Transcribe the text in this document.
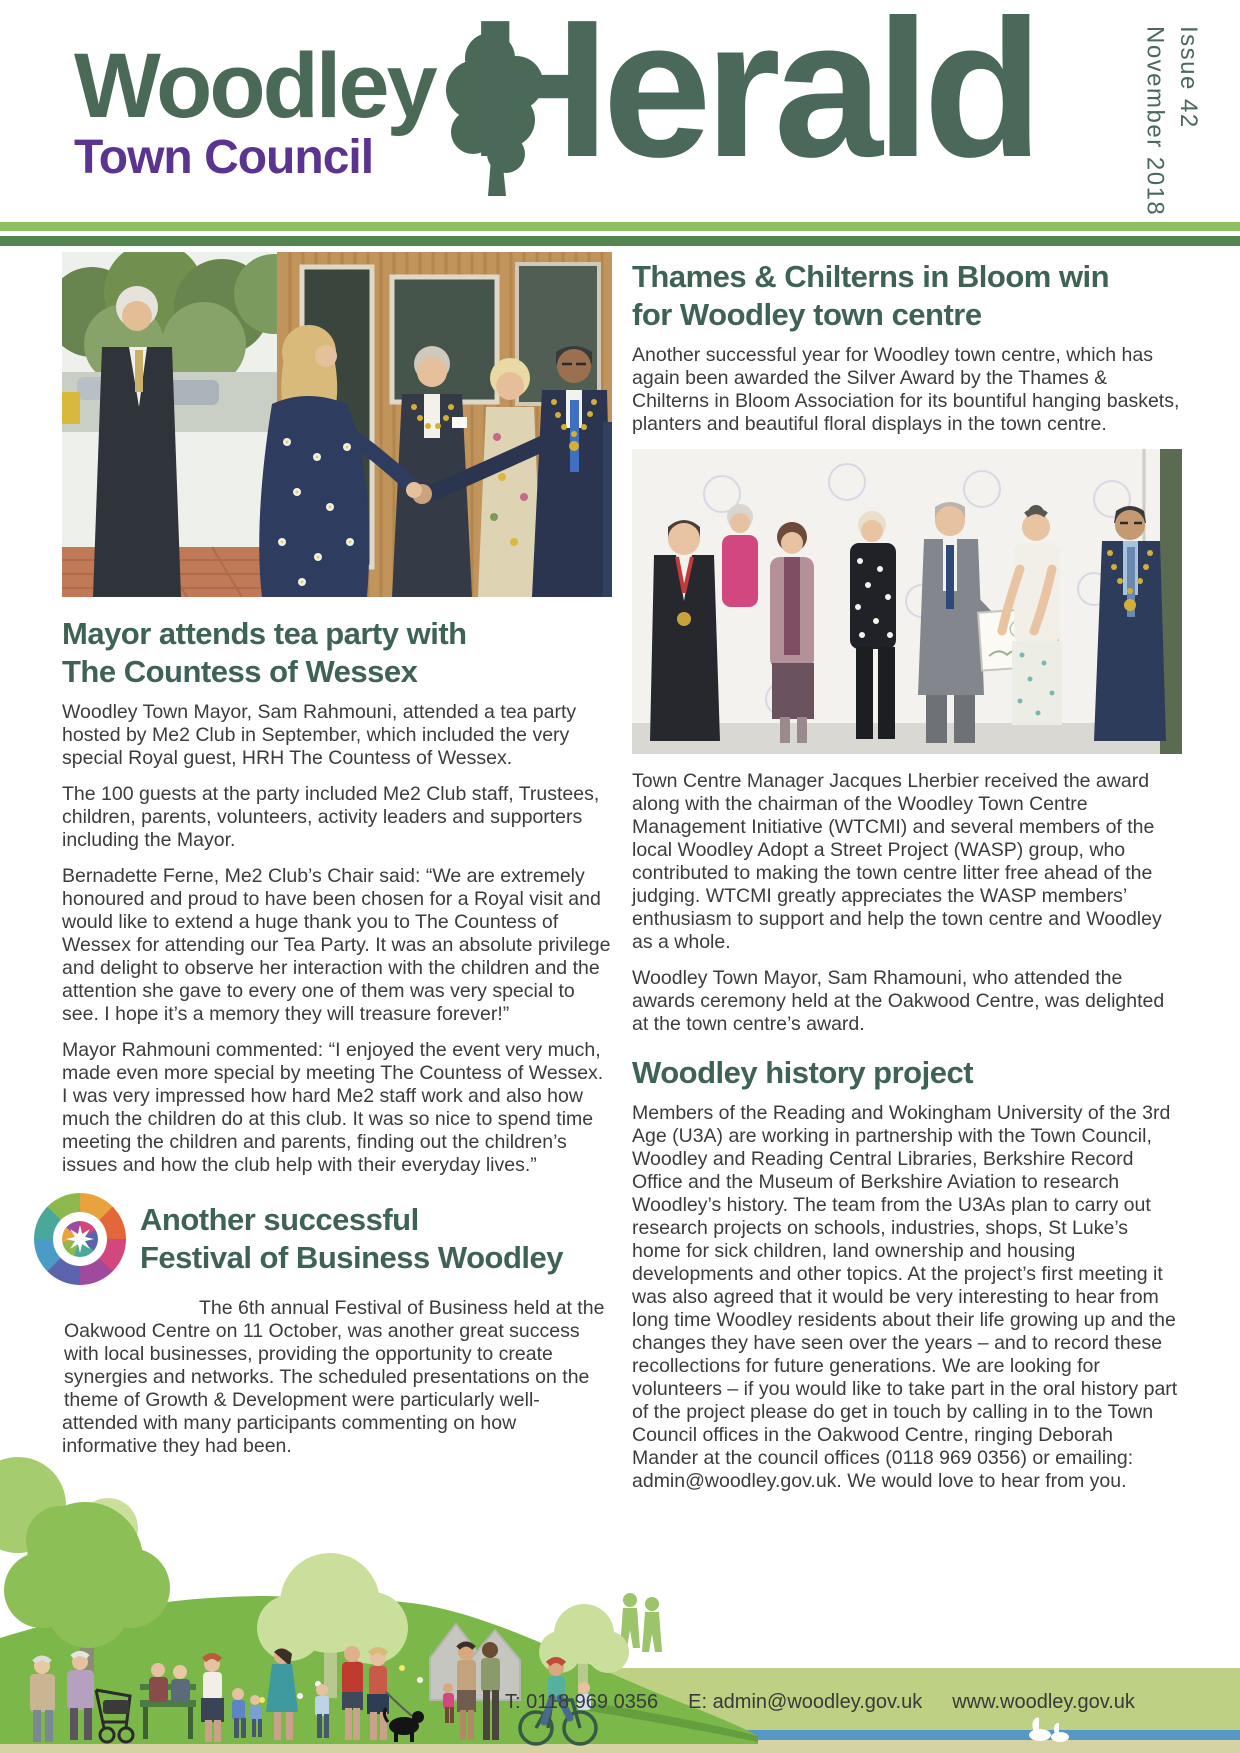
Woodley
Town Council Herald	November 2018 Issue 42
Mayor attends tea party with
The Countess of Wessex

Woodley Town Mayor, Sam Rahmouni, attended a tea party hosted by Me2 Club in September, which included the very special Royal guest, HRH The Countess of Wessex.

The 100 guests at the party included Me2 Club staff, Trustees, children, parents, volunteers, activity leaders and supporters including the Mayor.

Bernadette Ferne, Me2 Club’s Chair said: “We are extremely honoured and proud to have been chosen for a Royal visit and would like to extend a huge thank you to The Countess of Wessex for attending our Tea Party. It was an absolute privilege and delight to observe her interaction with the children and the attention she gave to every one of them was very special to see. I hope it’s a memory they will treasure forever!”

Mayor Rahmouni commented: “I enjoyed the event very much, made even more special by meeting The Countess of Wessex. I was very impressed how hard Me2 staff work and also how much the children do at this club. It was so nice to spend time meeting the children and parents, finding out the children’s issues and how the club help with their everyday lives.”

Another successful
Festival of Business Woodley

The 6th annual Festival of Business held at the Oakwood Centre on 11 October, was another great success with local businesses, providing the opportunity to create synergies and networks. The scheduled presentations on the theme of Growth & Development were particularly well-attended with many participants commenting on how informative they had been.

Thames & Chilterns in Bloom win
for Woodley town centre

Another successful year for Woodley town centre, which has again been awarded the Silver Award by the Thames & Chilterns in Bloom Association for its bountiful hanging baskets, planters and beautiful floral displays in the town centre.

Town Centre Manager Jacques Lherbier received the award along with the chairman of the Woodley Town Centre Management Initiative (WTCMI) and several members of the local Woodley Adopt a Street Project (WASP) group, who contributed to making the town centre litter free ahead of the judging. WTCMI greatly appreciates the WASP members’ enthusiasm to support and help the town centre and Woodley as a whole.

Woodley Town Mayor, Sam Rhamouni, who attended the awards ceremony held at the Oakwood Centre, was delighted at the town centre’s award.

Woodley history project

Members of the Reading and Wokingham University of the 3rd Age (U3A) are working in partnership with the Town Council, Woodley and Reading Central Libraries, Berkshire Record Office and the Museum of Berkshire Aviation to research Woodley’s history. The team from the U3As plan to carry out research projects on schools, industries, shops, St Luke’s home for sick children, land ownership and housing developments and other topics. At the project’s first meeting it was also agreed that it would be very interesting to hear from long time Woodley residents about their life growing up and the changes they have seen over the years – and to record these recollections for future generations. We are looking for volunteers – if you would like to take part in the oral history part of the project please do get in touch by calling in to the Town Council offices in the Oakwood Centre, ringing Deborah Mander at the council offices (0118 969 0356) or emailing: admin@woodley.gov.uk. We would love to hear from you.

T: 0118 969 0356 E: admin@woodley.gov.uk www.woodley.gov.uk
